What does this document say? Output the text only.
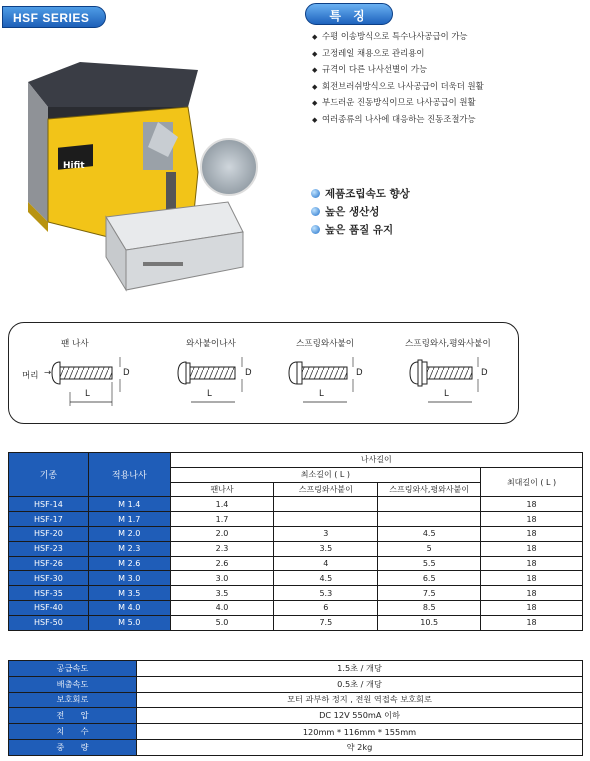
HSF SERIES
Hifit
특 징
◆ 수평 이송방식으로 특수나사공급이 가능
◆ 고정레일 채용으로 관리용이
◆ 규격이 다른 나사선별이 가능
◆ 회전브러쉬방식으로 나사공급이 더욱더 원활
◆ 부드러운 진동방식이므로 나사공급이 원활
◆ 여러종류의 나사에 대응하는 진동조절가능
제품조립속도 향상
높은 생산성
높은 품질 유지
팬 나사	와사붙이나사	스프링와사붙이	스프링와사,평와사붙이
머리 →
L
D
L
D
L
D
L
D
기종	적용나사	나사길이			
		최소길이 ( L )			최대길이 ( L )
		팬나사	스프링와사붙이	스프링와사,평와사붙이	
HSF-14	M 1.4	1.4			18
HSF-17	M 1.7	1.7			18
HSF-20	M 2.0	2.0	3	4.5	18
HSF-23	M 2.3	2.3	3.5	5	18
HSF-26	M 2.6	2.6	4	5.5	18
HSF-30	M 3.0	3.0	4.5	6.5	18
HSF-35	M 3.5	3.5	5.3	7.5	18
HSF-40	M 4.0	4.0	6	8.5	18
HSF-50	M 5.0	5.0	7.5	10.5	18
공급속도	1.5초 / 개당
배출속도	0.5초 / 개당
보호회로	모터 과부하 정지 , 전원 역접속 보호회로
전　　압	DC 12V 550mA 이하
치　　수	120mm * 116mm * 155mm
중　　량	약 2kg
